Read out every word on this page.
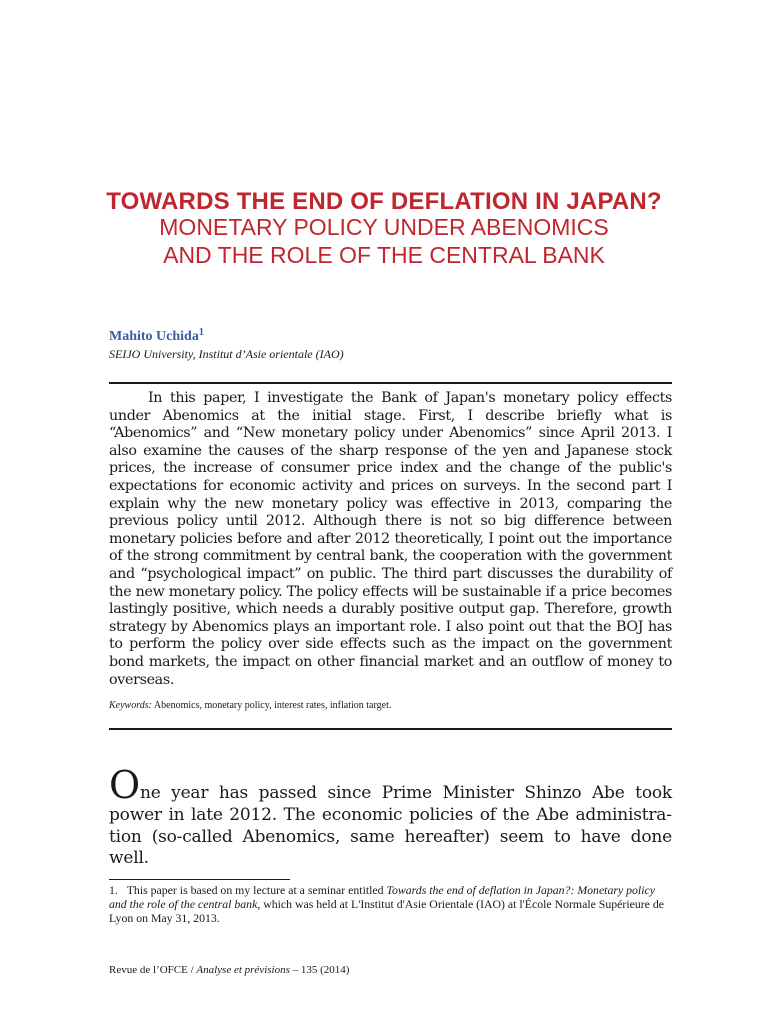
TOWARDS THE END OF DEFLATION IN JAPAN?
MONETARY POLICY UNDER ABENOMICS
AND THE ROLE OF THE CENTRAL BANK
Mahito Uchida$^1$
SEIJO University, Institut d’Asie orientale (IAO)
In this paper, I investigate the Bank of Japan's monetary policy effects under Abenomics at the initial stage. First, I describe briefly what is “Abenomics” and “New monetary policy under Abenomics” since April 2013. I also examine the causes of the sharp response of the yen and Japanese stock prices, the increase of consumer price index and the change of the public's expectations for economic activity and prices on surveys. In the second part I explain why the new monetary policy was effective in 2013, comparing the previous policy until 2012. Although there is not so big difference between monetary policies before and after 2012 theoretically, I point out the importance of the strong commitment by central bank, the cooperation with the government and “psychological impact” on public. The third part discusses the durability of the new monetary policy. The policy effects will be sustainable if a price becomes lastingly positive, which needs a durably positive output gap. Therefore, growth strategy by Abenomics plays an important role. I also point out that the BOJ has to perform the policy over side effects such as the impact on the government bond markets, the impact on other financial market and an outflow of money to overseas.
Keywords: Abenomics, monetary policy, interest rates, inflation target.
One year has passed since Prime Minister Shinzo Abe took power in late 2012. The economic policies of the Abe administration (so-called Abenomics, same hereafter) seem to have done well.
1. This paper is based on my lecture at a seminar entitled Towards the end of deflation in Japan?: Monetary policy and the role of the central bank, which was held at L'Institut d'Asie Orientale (IAO) at l'École Normale Supérieure de Lyon on May 31, 2013.
Revue de l’OFCE / Analyse et prévisions – 135 (2014)
